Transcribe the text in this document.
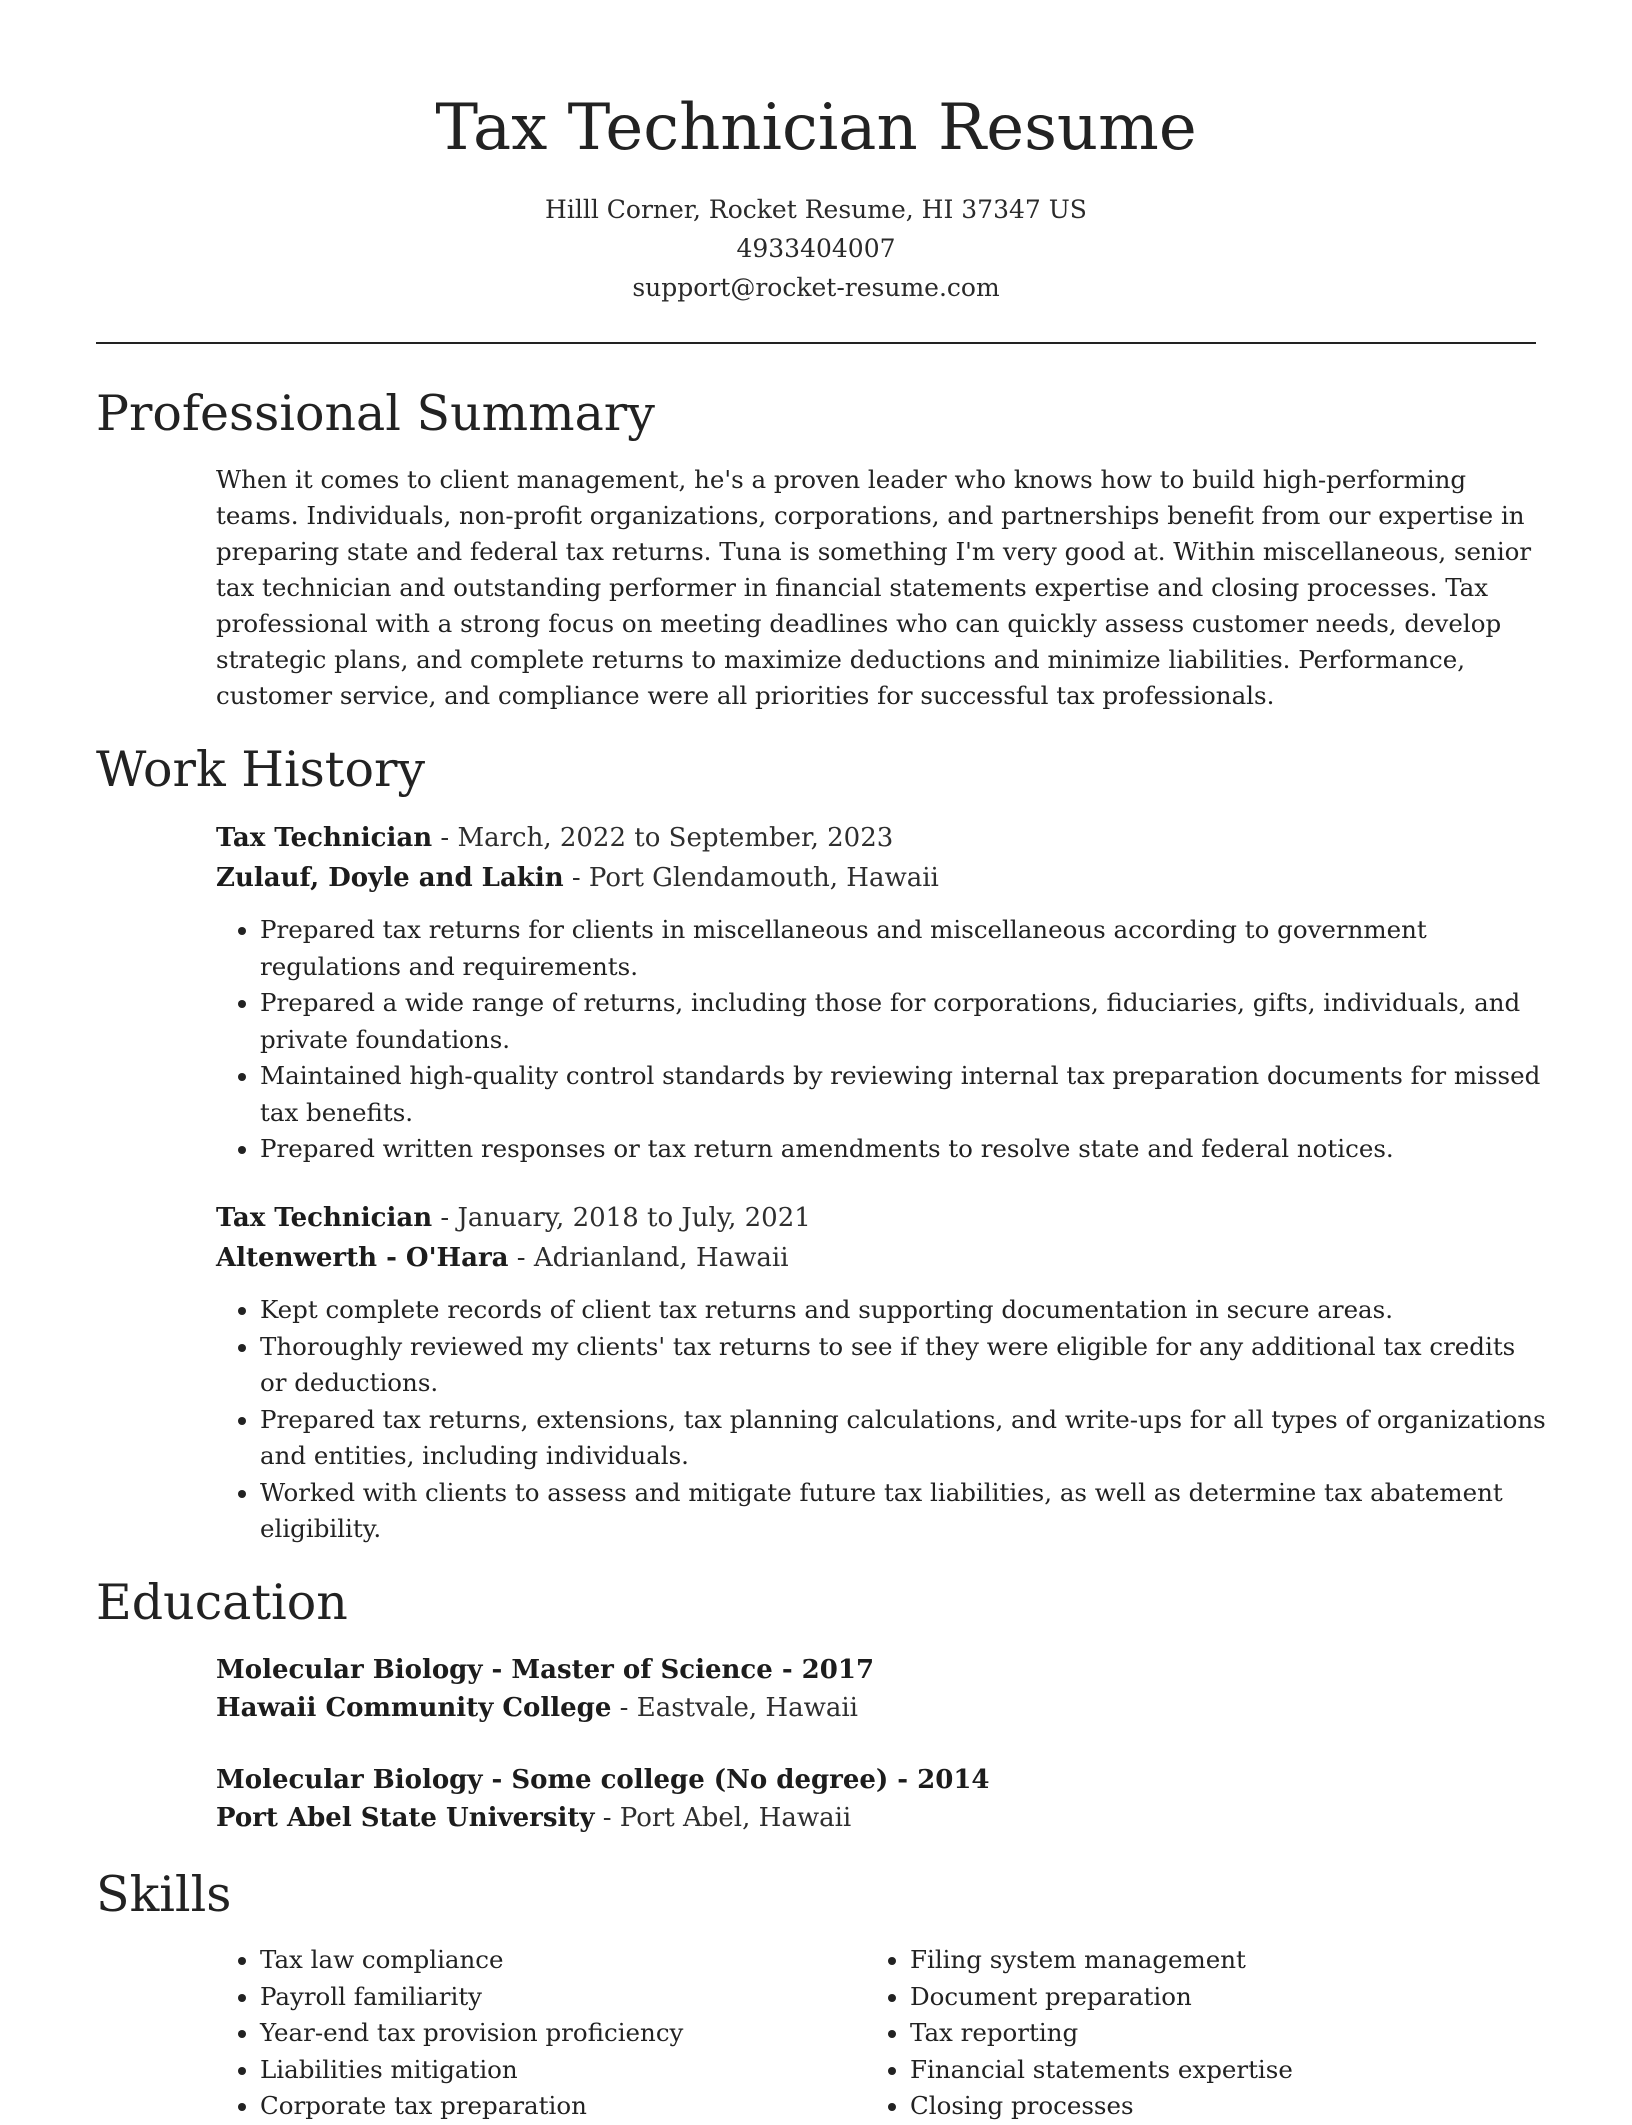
Tax Technician Resume
Hilll Corner, Rocket Resume, HI 37347 US
4933404007
support@rocket-resume.com
Professional Summary

When it comes to client management, he's a proven leader who knows how to build high-performing teams. Individuals, non-profit organizations, corporations, and partnerships benefit from our expertise in preparing state and federal tax returns. Tuna is something I'm very good at. Within miscellaneous, senior tax technician and outstanding performer in financial statements expertise and closing processes. Tax professional with a strong focus on meeting deadlines who can quickly assess customer needs, develop strategic plans, and complete returns to maximize deductions and minimize liabilities. Performance, customer service, and compliance were all priorities for successful tax professionals.

Work History
Tax Technician - March, 2022 to September, 2023
Zulauf, Doyle and Lakin - Port Glendamouth, Hawaii
• Prepared tax returns for clients in miscellaneous and miscellaneous according to government regulations and requirements.
• Prepared a wide range of returns, including those for corporations, fiduciaries, gifts, individuals, and private foundations.
• Maintained high-quality control standards by reviewing internal tax preparation documents for missed tax benefits.
• Prepared written responses or tax return amendments to resolve state and federal notices.
Tax Technician - January, 2018 to July, 2021
Altenwerth - O'Hara - Adrianland, Hawaii
• Kept complete records of client tax returns and supporting documentation in secure areas.
• Thoroughly reviewed my clients' tax returns to see if they were eligible for any additional tax credits or deductions.
• Prepared tax returns, extensions, tax planning calculations, and write-ups for all types of organizations and entities, including individuals.
• Worked with clients to assess and mitigate future tax liabilities, as well as determine tax abatement eligibility.
Education
Molecular Biology - Master of Science - 2017
Hawaii Community College - Eastvale, Hawaii
Molecular Biology - Some college (No degree) - 2014
Port Abel State University - Port Abel, Hawaii
Skills
• Tax law compliance
• Payroll familiarity
• Year-end tax provision proficiency
• Liabilities mitigation
• Corporate tax preparation
• Filing system management
• Document preparation
• Tax reporting
• Financial statements expertise
• Closing processes
